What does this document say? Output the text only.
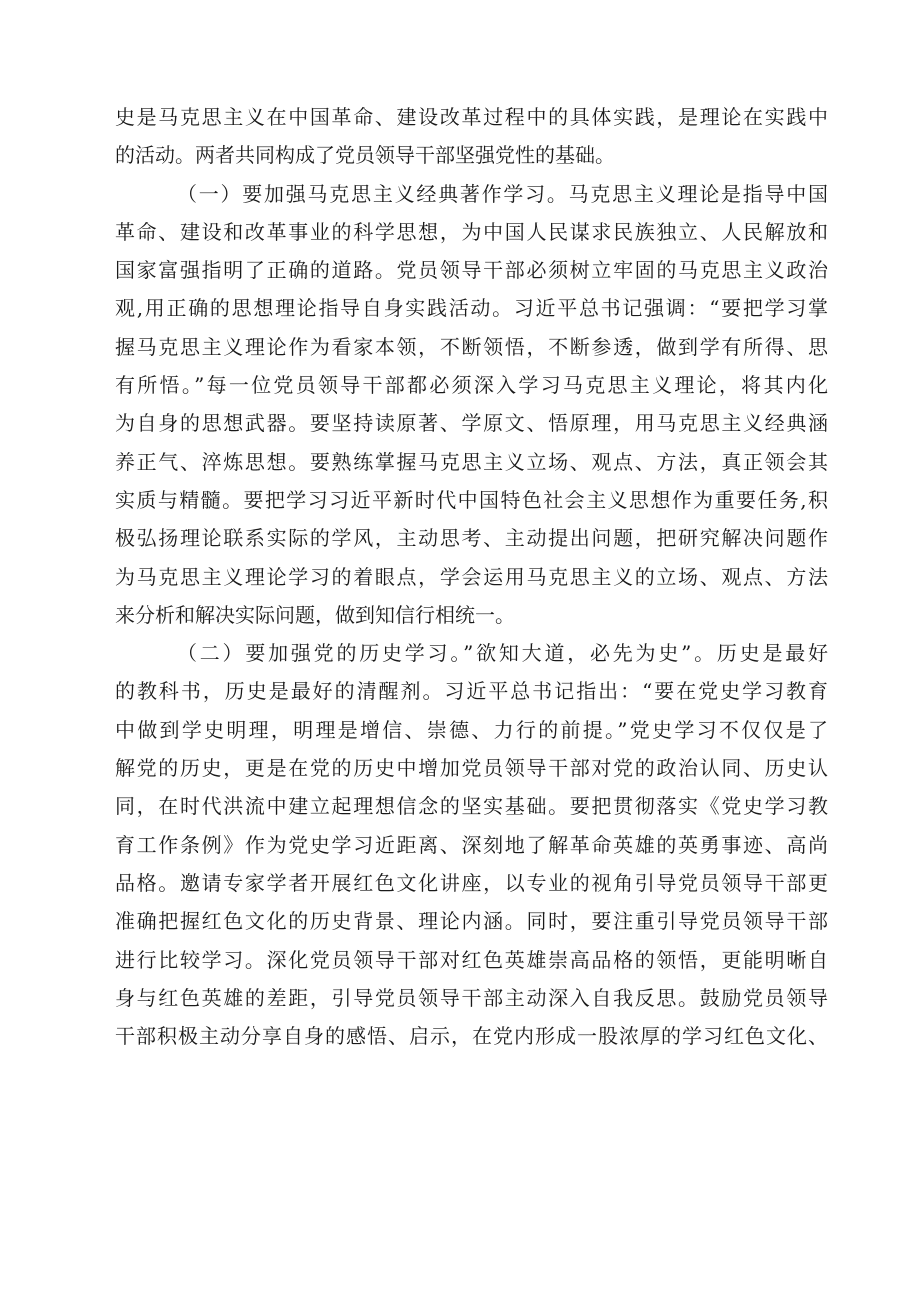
史是马克思主义在中国革命、建设改革过程中的具体实践，是理论在实践中
的活动。两者共同构成了党员领导干部坚强党性的基础。
（一）要加强马克思主义经典著作学习。马克思主义理论是指导中国
革命、建设和改革事业的科学思想，为中国人民谋求民族独立、人民解放和
国家富强指明了正确的道路。党员领导干部必须树立牢固的马克思主义政治
观,用正确的思想理论指导自身实践活动。习近平总书记强调：“要把学习掌
握马克思主义理论作为看家本领，不断领悟，不断参透，做到学有所得、思
有所悟。”每一位党员领导干部都必须深入学习马克思主义理论，将其内化
为自身的思想武器。要坚持读原著、学原文、悟原理，用马克思主义经典涵
养正气、淬炼思想。要熟练掌握马克思主义立场、观点、方法，真正领会其
实质与精髓。要把学习习近平新时代中国特色社会主义思想作为重要任务,积
极弘扬理论联系实际的学风，主动思考、主动提出问题，把研究解决问题作
为马克思主义理论学习的着眼点，学会运用马克思主义的立场、观点、方法
来分析和解决实际问题，做到知信行相统一。
（二）要加强党的历史学习。”欲知大道，必先为史”。历史是最好
的教科书，历史是最好的清醒剂。习近平总书记指出：“要在党史学习教育
中做到学史明理，明理是增信、崇德、力行的前提。”党史学习不仅仅是了
解党的历史，更是在党的历史中增加党员领导干部对党的政治认同、历史认
同，在时代洪流中建立起理想信念的坚实基础。要把贯彻落实《党史学习教
育工作条例》作为党史学习近距离、深刻地了解革命英雄的英勇事迹、高尚
品格。邀请专家学者开展红色文化讲座，以专业的视角引导党员领导干部更
准确把握红色文化的历史背景、理论内涵。同时，要注重引导党员领导干部
进行比较学习。深化党员领导干部对红色英雄崇高品格的领悟，更能明晰自
身与红色英雄的差距，引导党员领导干部主动深入自我反思。鼓励党员领导
干部积极主动分享自身的感悟、启示，在党内形成一股浓厚的学习红色文化、
